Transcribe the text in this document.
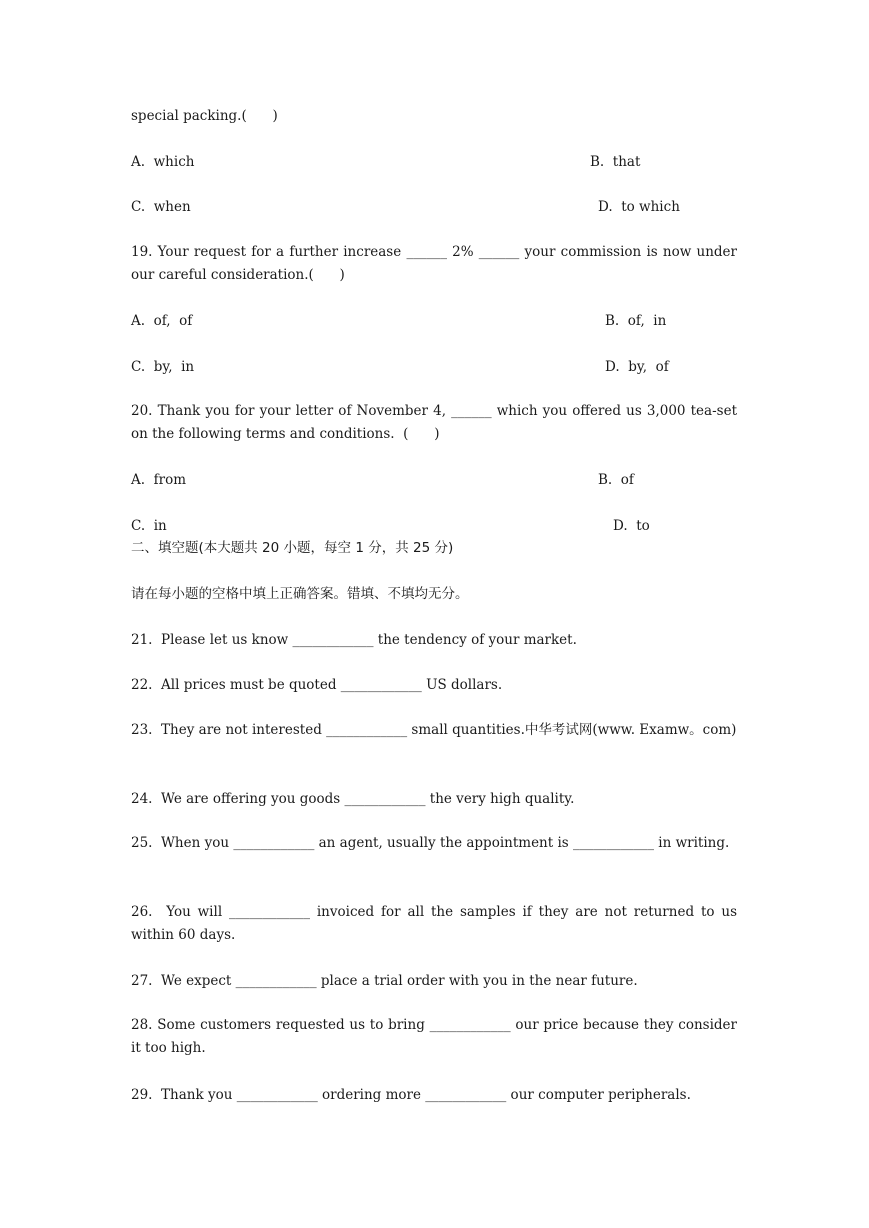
special packing.(      )
A.  which	B.  that
C.  when	D.  to which
19. Your request for a further increase ______ 2% ______ your commission is now under our careful consideration.(      )
A.  of,  of	B.  of,  in
C.  by,  in	D.  by,  of
20. Thank you for your letter of November 4, ______ which you offered us 3,000 tea-set on the following terms and conditions.  (      )
A.  from	B.  of
C.  in	D.  to
二、填空题(本大题共 20 小题，每空 1 分，共 25 分)
请在每小题的空格中填上正确答案。错填、不填均无分。
21.  Please let us know ____________ the tendency of your market.
22.  All prices must be quoted ____________ US dollars.
23.  They are not interested ____________ small quantities.中华考试网(www. Examw。com)
24.  We are offering you goods ____________ the very high quality.
25.  When you ____________ an agent, usually the appointment is ____________ in writing.
26.  You will ____________ invoiced for all the samples if they are not returned to us within 60 days.
27.  We expect ____________ place a trial order with you in the near future.
28. Some customers requested us to bring ____________ our price because they consider it too high.
29.  Thank you ____________ ordering more ____________ our computer peripherals.
